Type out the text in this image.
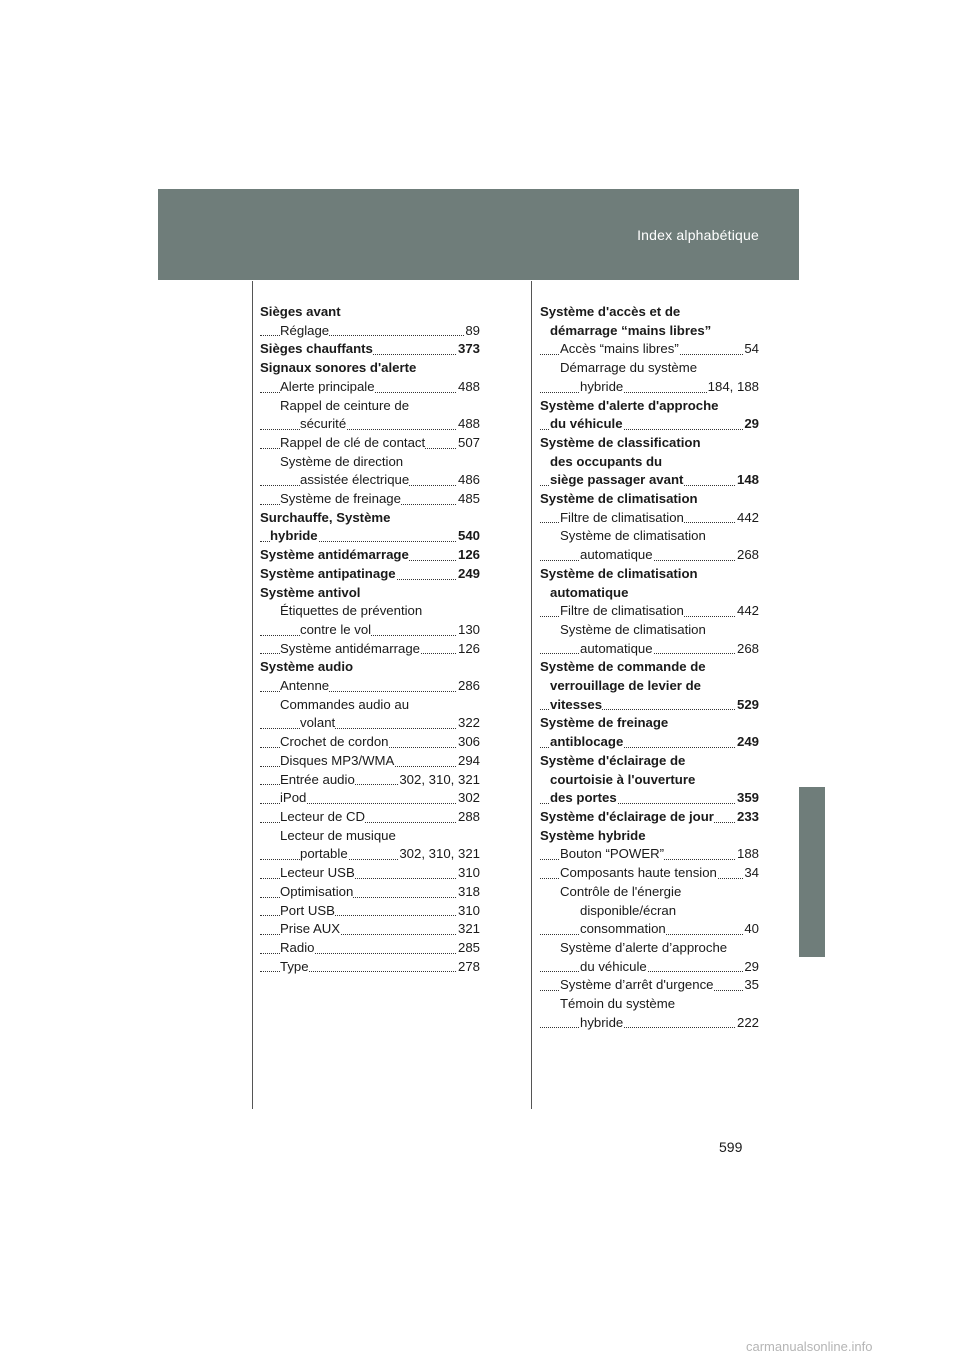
Index alphabétique
Sièges avant
Réglage	89
Sièges chauffants	373
Signaux sonores d'alerte
Alerte principale	488
Rappel de ceinture de
sécurité	488
Rappel de clé de contact 507
Système de direction
assistée électrique	486
Système de freinage	485
Surchauffe, Système
hybride	540
Système antidémarrage	126
Système antipatinage	249
Système antivol
Étiquettes de prévention
contre le vol	130
Système antidémarrage	126
Système audio
Antenne	286
Commandes audio au
volant	322
Crochet de cordon	306
Disques MP3/WMA	294
Entrée audio	302, 310, 321
iPod	302
Lecteur de CD	288
Lecteur de musique
portable	302, 310, 321
Lecteur USB	310
Optimisation	318
Port USB	310
Prise AUX	321
Radio	285
Type	278
Système d'accès et de
démarrage “mains libres”
Accès “mains libres”	54
Démarrage du système
hybride	184, 188
Système d'alerte d'approche
du véhicule	29
Système de classification
des occupants du
siège passager avant	148
Système de climatisation
Filtre de climatisation	442
Système de climatisation
automatique	268
Système de climatisation
automatique
Filtre de climatisation	442
Système de climatisation
automatique	268
Système de commande de
verrouillage de levier de
vitesses	529
Système de freinage
antiblocage	249
Système d'éclairage de
courtoisie à l'ouverture
des portes	359
Système d'éclairage de jour 233
Système hybride
Bouton “POWER”	188
Composants haute tension 34
Contrôle de l'énergie
disponible/écran
consommation	40
Système d’alerte d’approche
du véhicule	29
Système d’arrêt d'urgence 35
Témoin du système
hybride	222
599
carmanualsonline.info
